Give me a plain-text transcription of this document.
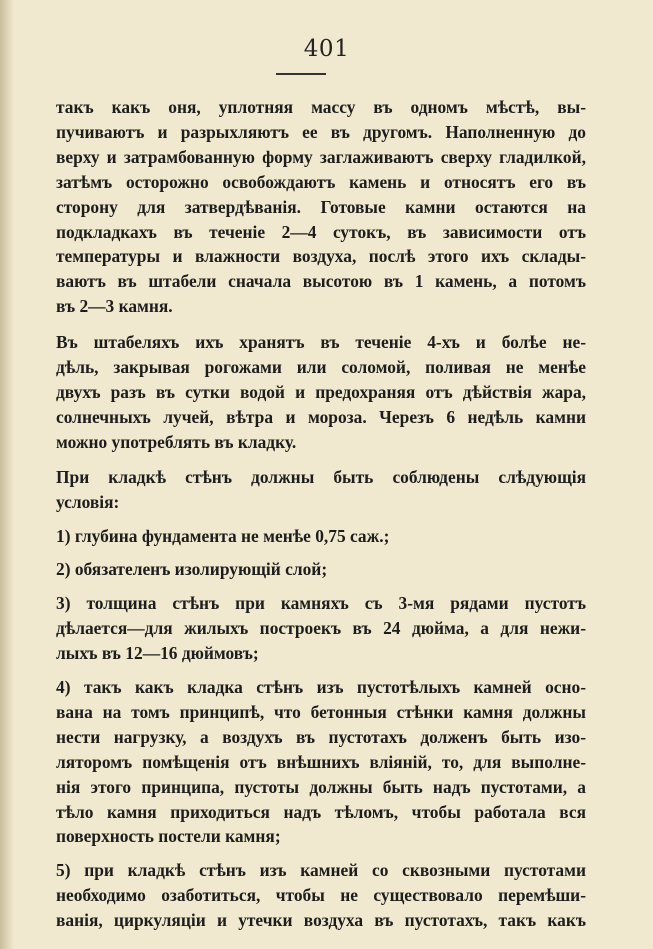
401
такъ какъ оня, уплотняя массу въ одномъ мѣстѣ, вы-
пучиваютъ и разрыхляютъ ее въ другомъ. Наполненную до
верху и затрамбованную форму заглаживаютъ сверху гладилкой,
затѣмъ осторожно освобождаютъ камень и относятъ его въ
сторону для затвердѣванія. Готовые камни остаются на
подкладкахъ въ теченіе 2—4 сутокъ, въ зависимости отъ
температуры и влажности воздуха, послѣ этого ихъ склады-
ваютъ въ штабели сначала высотою въ 1 камень, а потомъ
въ 2—3 камня.
Въ штабеляхъ ихъ хранятъ въ теченіе 4-хъ и болѣе не-
дѣль, закрывая рогожами или соломой, поливая не менѣе
двухъ разъ въ сутки водой и предохраняя отъ дѣйствія жара,
солнечныхъ лучей, вѣтра и мороза. Черезъ 6 недѣль камни
можно употреблять въ кладку.
При кладкѣ стѣнъ должны быть соблюдены слѣдующія
условія:
1) глубина фундамента не менѣе 0,75 саж.;
2) обязателенъ изолирующій слой;
3) толщина стѣнъ при камняхъ съ 3-мя рядами пустотъ
дѣлается—для жилыхъ построекъ въ 24 дюйма, а для нежи-
лыхъ въ 12—16 дюймовъ;
4) такъ какъ кладка стѣнъ изъ пустотѣлыхъ камней осно-
вана на томъ принципѣ, что бетонныя стѣнки камня должны
нести нагрузку, а воздухъ въ пустотахъ долженъ быть изо-
ляторомъ помѣщенія отъ внѣшнихъ вліяній, то, для выполне-
нія этого принципа, пустоты должны быть надъ пустотами, а
тѣло камня приходиться надъ тѣломъ, чтобы работала вся
поверхность постели камня;
5) при кладкѣ стѣнъ изъ камней со сквозными пустотами
необходимо озаботиться, чтобы не существовало перемѣши-
ванія, циркуляціи и утечки воздуха въ пустотахъ, такъ какъ
